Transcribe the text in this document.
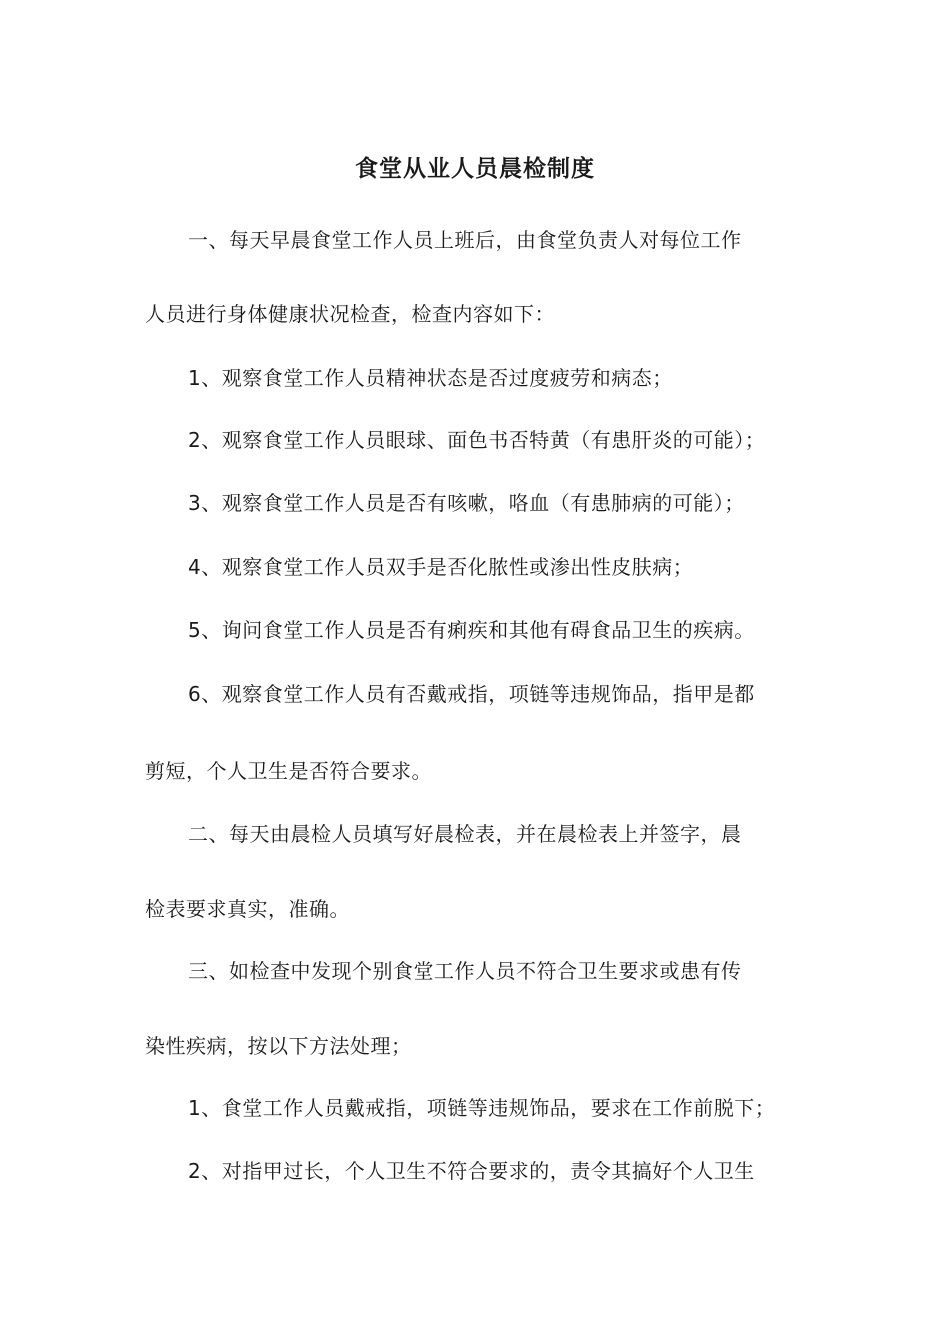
食堂从业人员晨检制度
一、每天早晨食堂工作人员上班后，由食堂负责人对每位工作
人员进行身体健康状况检查，检查内容如下：
1、观察食堂工作人员精神状态是否过度疲劳和病态；
2、观察食堂工作人员眼球、面色书否特黄（有患肝炎的可能）；
3、观察食堂工作人员是否有咳嗽，咯血（有患肺病的可能）；
4、观察食堂工作人员双手是否化脓性或渗出性皮肤病；
5、询问食堂工作人员是否有痢疾和其他有碍食品卫生的疾病。
6、观察食堂工作人员有否戴戒指，项链等违规饰品，指甲是都
剪短，个人卫生是否符合要求。
二、每天由晨检人员填写好晨检表，并在晨检表上并签字，晨
检表要求真实，准确。
三、如检查中发现个别食堂工作人员不符合卫生要求或患有传
染性疾病，按以下方法处理；
1、食堂工作人员戴戒指，项链等违规饰品，要求在工作前脱下；
2、对指甲过长，个人卫生不符合要求的，责令其搞好个人卫生
